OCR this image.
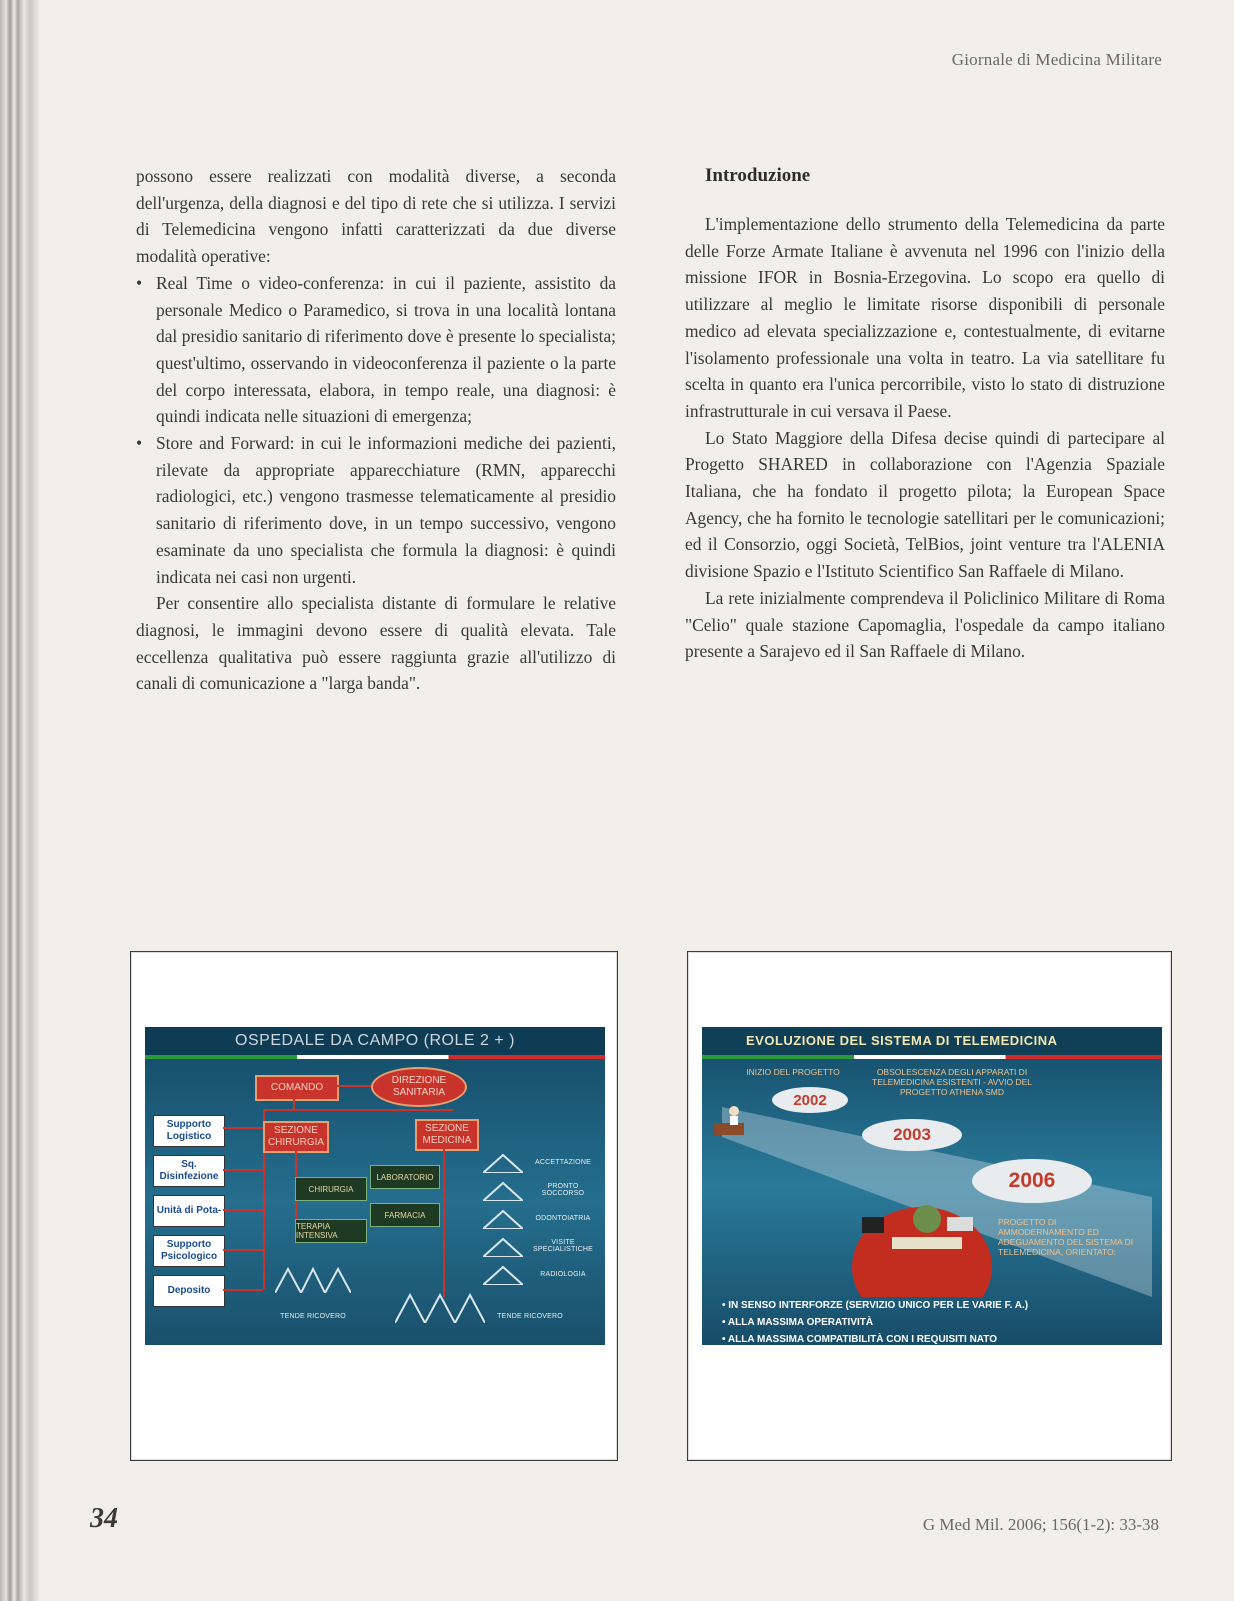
Giornale di Medicina Militare

possono essere realizzati con modalità diverse, a seconda dell'urgenza, della diagnosi e del tipo di rete che si utilizza. I servizi di Telemedicina vengono infatti caratterizzati da due diverse modalità operative:

• Real Time o video-conferenza: in cui il paziente, assistito da personale Medico o Paramedico, si trova in una località lontana dal presidio sanitario di riferimento dove è presente lo specialista; quest'ultimo, osservando in videoconferenza il paziente o la parte del corpo interessata, elabora, in tempo reale, una diagnosi: è quindi indicata nelle situazioni di emergenza;
• Store and Forward: in cui le informazioni mediche dei pazienti, rilevate da appropriate apparecchiature (RMN, apparecchi radiologici, etc.) vengono trasmesse telematicamente al presidio sanitario di riferimento dove, in un tempo successivo, vengono esaminate da uno specialista che formula la diagnosi: è quindi indicata nei casi non urgenti.

Per consentire allo specialista distante di formulare le relative diagnosi, le immagini devono essere di qualità elevata. Tale eccellenza qualitativa può essere raggiunta grazie all'utilizzo di canali di comunicazione a "larga banda".

Introduzione

L'implementazione dello strumento della Telemedicina da parte delle Forze Armate Italiane è avvenuta nel 1996 con l'inizio della missione IFOR in Bosnia-Erzegovina. Lo scopo era quello di utilizzare al meglio le limitate risorse disponibili di personale medico ad elevata specializzazione e, contestualmente, di evitarne l'isolamento professionale una volta in teatro. La via satellitare fu scelta in quanto era l'unica percorribile, visto lo stato di distruzione infrastrutturale in cui versava il Paese.

Lo Stato Maggiore della Difesa decise quindi di partecipare al Progetto SHARED in collaborazione con l'Agenzia Spaziale Italiana, che ha fondato il progetto pilota; la European Space Agency, che ha fornito le tecnologie satellitari per le comunicazioni; ed il Consorzio, oggi Società, TelBios, joint venture tra l'ALENIA divisione Spazio e l'Istituto Scientifico San Raffaele di Milano.

La rete inizialmente comprendeva il Policlinico Militare di Roma "Celio" quale stazione Capomaglia, l'ospedale da campo italiano presente a Sarajevo ed il San Raffaele di Milano.

OSPEDALE DA CAMPO (ROLE 2 + )
COMANDO
DIREZIONE SANITARIA
SEZIONE CHIRURGIA
SEZIONE MEDICINA
Supporto Logistico
Sq. Disinfezione
Unità di Pota-
Supporto Psicologico
Deposito
CHIRURGIA
TERAPIA INTENSIVA
LABORATORIO
FARMACIA
ACCETTAZIONE
PRONTO SOCCORSO
ODONTOIATRIA
VISITE SPECIALISTICHE
RADIOLOGIA
TENDE RICOVERO	TENDE RICOVERO
EVOLUZIONE DEL SISTEMA DI TELEMEDICINA
INIZIO DEL PROGETTO	OBSOLESCENZA DEGLI APPARATI DI TELEMEDICINA ESISTENTI - AVVIO DEL PROGETTO ATHENA SMD
2002
2003
2006
PROGETTO DI AMMODERNAMENTO ED ADEGUAMENTO DEL SISTEMA DI TELEMEDICINA, ORIENTATO:
• IN SENSO INTERFORZE (SERVIZIO UNICO PER LE VARIE F. A.)
• ALLA MASSIMA OPERATIVITÀ
• ALLA MASSIMA COMPATIBILITÀ CON I REQUISITI NATO
34	G Med Mil. 2006; 156(1-2): 33-38
